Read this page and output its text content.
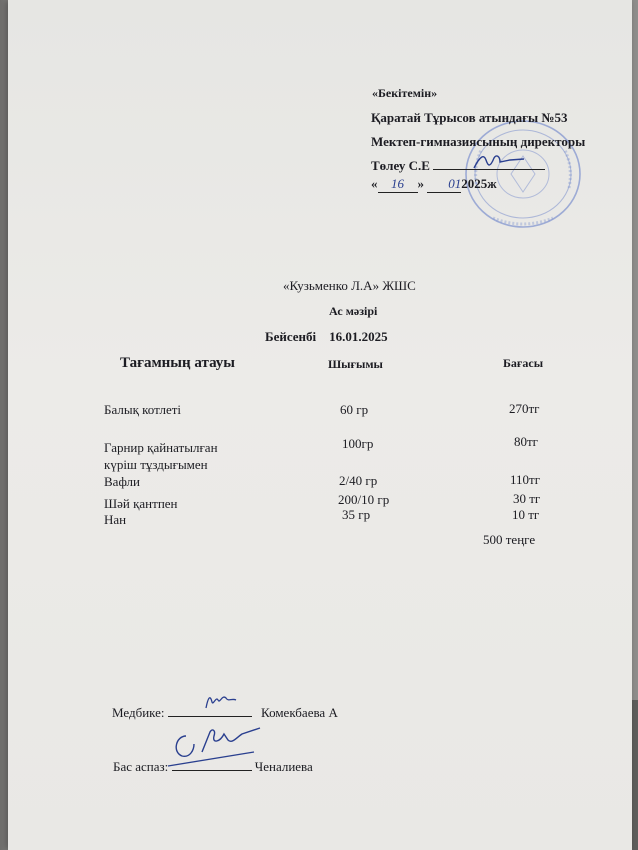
«Бекітемін»
Қаратай Тұрысов атындағы №53
Мектеп-гимназиясының директоры
Төлеу С.Е
« 16 » 012025ж
«Кузьменко Л.А» ЖШС
Ас мәзірі
Бейсенбі    16.01.2025
Тағамның атауы	Шығымы	Бағасы
Балық котлеті	60 гр	270тг
Гарнир қайнатылған
күріш тұздығымен
100гр	80тг
Вафли	2/40 гр	110тг
Шәй қантпен	200/10 гр	30 тг
Нан	35 гр	10 тг
500 теңге
Медбике:	Комекбаева А
Бас аспаз:	Ченалиева
